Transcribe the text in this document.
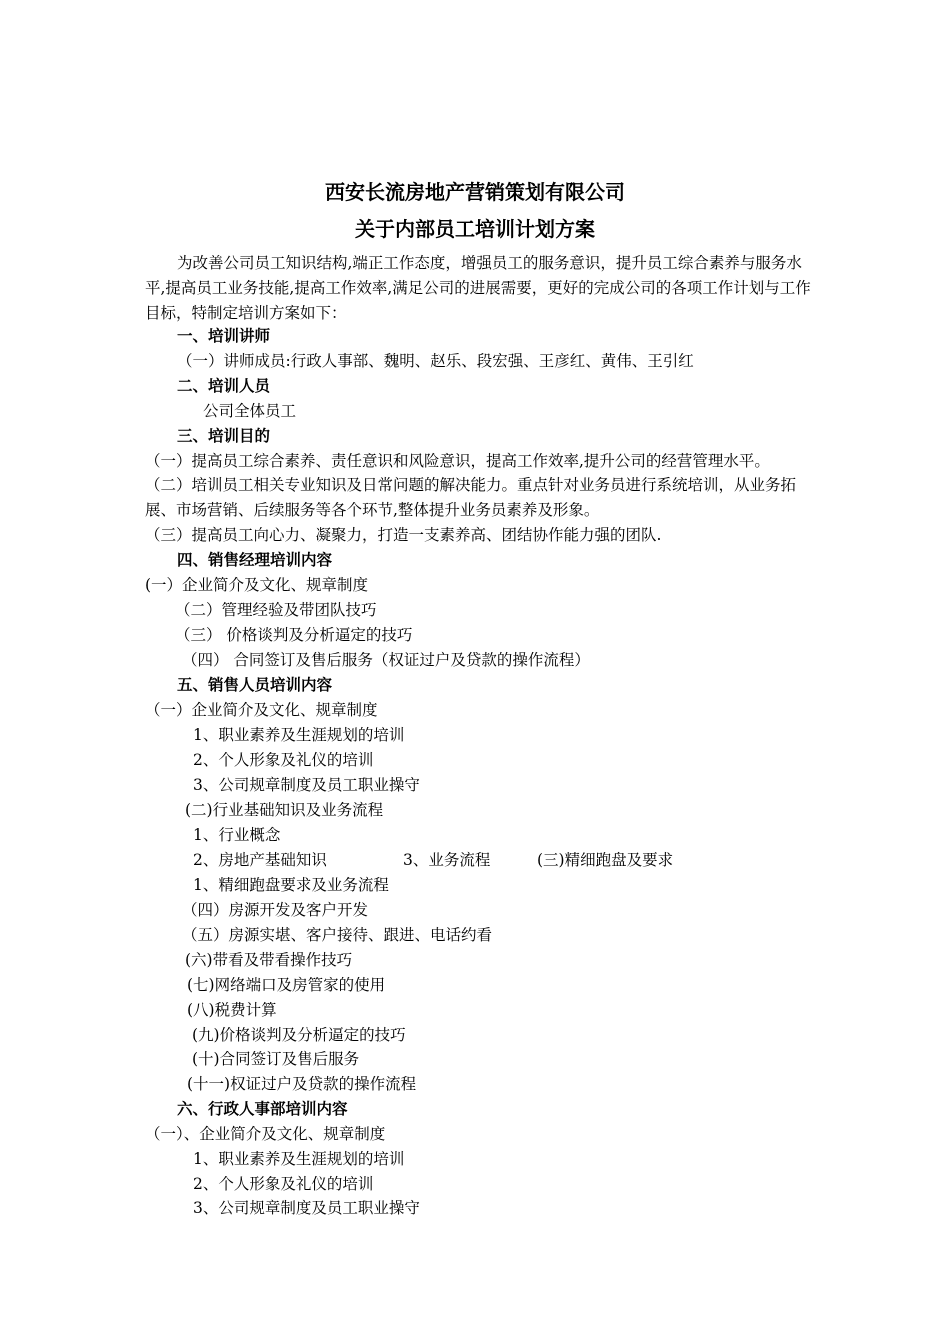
西安长流房地产营销策划有限公司
关于内部员工培训计划方案

为改善公司员工知识结构,端正工作态度，增强员工的服务意识，提升员工综合素养与服务水平,提高员工业务技能,提高工作效率,满足公司的进展需要，更好的完成公司的各项工作计划与工作目标，特制定培训方案如下：

一、培训讲师
（一）讲师成员:行政人事部、魏明、赵乐、段宏强、王彦红、黄伟、王引红
二、培训人员
公司全体员工
三、培训目的
（一）提高员工综合素养、责任意识和风险意识，提高工作效率,提升公司的经营管理水平。
（二）培训员工相关专业知识及日常问题的解决能力。重点针对业务员进行系统培训，从业务拓展、市场营销、后续服务等各个环节,整体提升业务员素养及形象。
（三）提高员工向心力、凝聚力，打造一支素养高、团结协作能力强的团队.
四、销售经理培训内容
(一）企业简介及文化、规章制度
（二）管理经验及带团队技巧
（三） 价格谈判及分析逼定的技巧
（四） 合同签订及售后服务（权证过户及贷款的操作流程）
五、销售人员培训内容
（一）企业简介及文化、规章制度
1、职业素养及生涯规划的培训
2、个人形象及礼仪的培训
3、公司规章制度及员工职业操守
(二)行业基础知识及业务流程
1、行业概念
2、房地产基础知识	3、业务流程	(三)精细跑盘及要求
1、精细跑盘要求及业务流程
（四）房源开发及客户开发
（五）房源实堪、客户接待、跟进、电话约看
(六)带看及带看操作技巧
(七)网络端口及房管家的使用
(八)税费计算
(九)价格谈判及分析逼定的技巧
(十)合同签订及售后服务
(十一)权证过户及贷款的操作流程
六、行政人事部培训内容
（一）、企业简介及文化、规章制度
1、职业素养及生涯规划的培训
2、个人形象及礼仪的培训
3、公司规章制度及员工职业操守
